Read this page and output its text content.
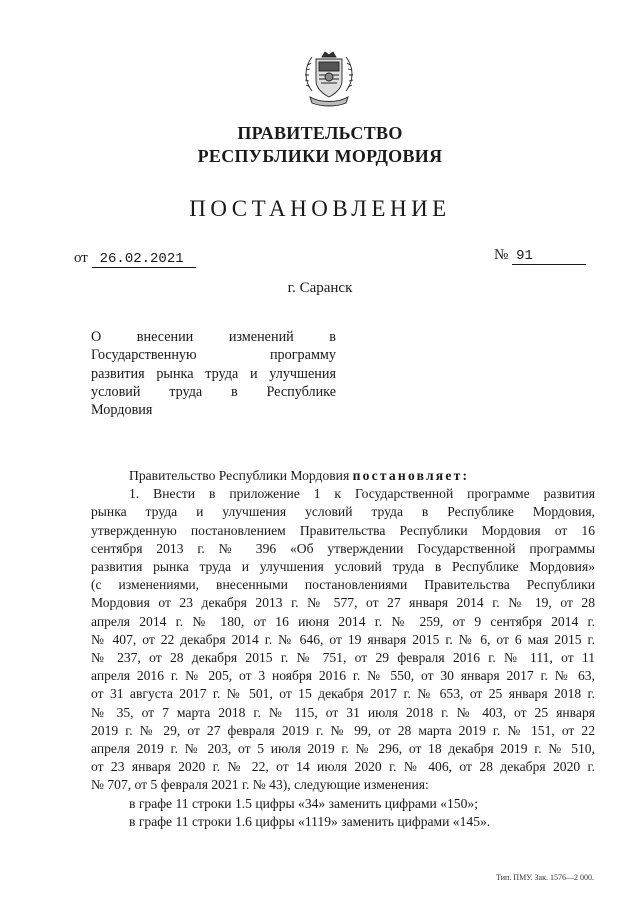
ПРАВИТЕЛЬСТВО
РЕСПУБЛИКИ МОРДОВИЯ
ПОСТАНОВЛЕНИЕ
от 26.02.2021	№ 91
г. Саранск
О внесении изменений в
Государственную программу
развития рынка труда и улучшения
условий труда в Республике
Мордовия
Правительство Республики Мордовия постановляет:
1. Внести в приложение 1 к Государственной программе развития
рынка труда и улучшения условий труда в Республике Мордовия,
утвержденную постановлением Правительства Республики Мордовия от 16
сентября 2013 г. № 396 «Об утверждении Государственной программы
развития рынка труда и улучшения условий труда в Республике Мордовия»
(с изменениями, внесенными постановлениями Правительства Республики
Мордовия от 23 декабря 2013 г. № 577, от 27 января 2014 г. № 19, от 28
апреля 2014 г. № 180, от 16 июня 2014 г. № 259, от 9 сентября 2014 г.
№ 407, от 22 декабря 2014 г. № 646, от 19 января 2015 г. № 6, от 6 мая 2015 г.
№ 237, от 28 декабря 2015 г. № 751, от 29 февраля 2016 г. № 111, от 11
апреля 2016 г. № 205, от 3 ноября 2016 г. № 550, от 30 января 2017 г. № 63,
от 31 августа 2017 г. № 501, от 15 декабря 2017 г. № 653, от 25 января 2018 г.
№ 35, от 7 марта 2018 г. № 115, от 31 июля 2018 г. № 403, от 25 января
2019 г. № 29, от 27 февраля 2019 г. № 99, от 28 марта 2019 г. № 151, от 22
апреля 2019 г. № 203, от 5 июля 2019 г. № 296, от 18 декабря 2019 г. № 510,
от 23 января 2020 г. № 22, от 14 июля 2020 г. № 406, от 28 декабря 2020 г.
№ 707, от 5 февраля 2021 г. № 43), следующие изменения:
в графе 11 строки 1.5 цифры «34» заменить цифрами «150»;
в графе 11 строки 1.6 цифры «1119» заменить цифрами «145».
Тип. ПМУ. Зак. 1576—2 000.
